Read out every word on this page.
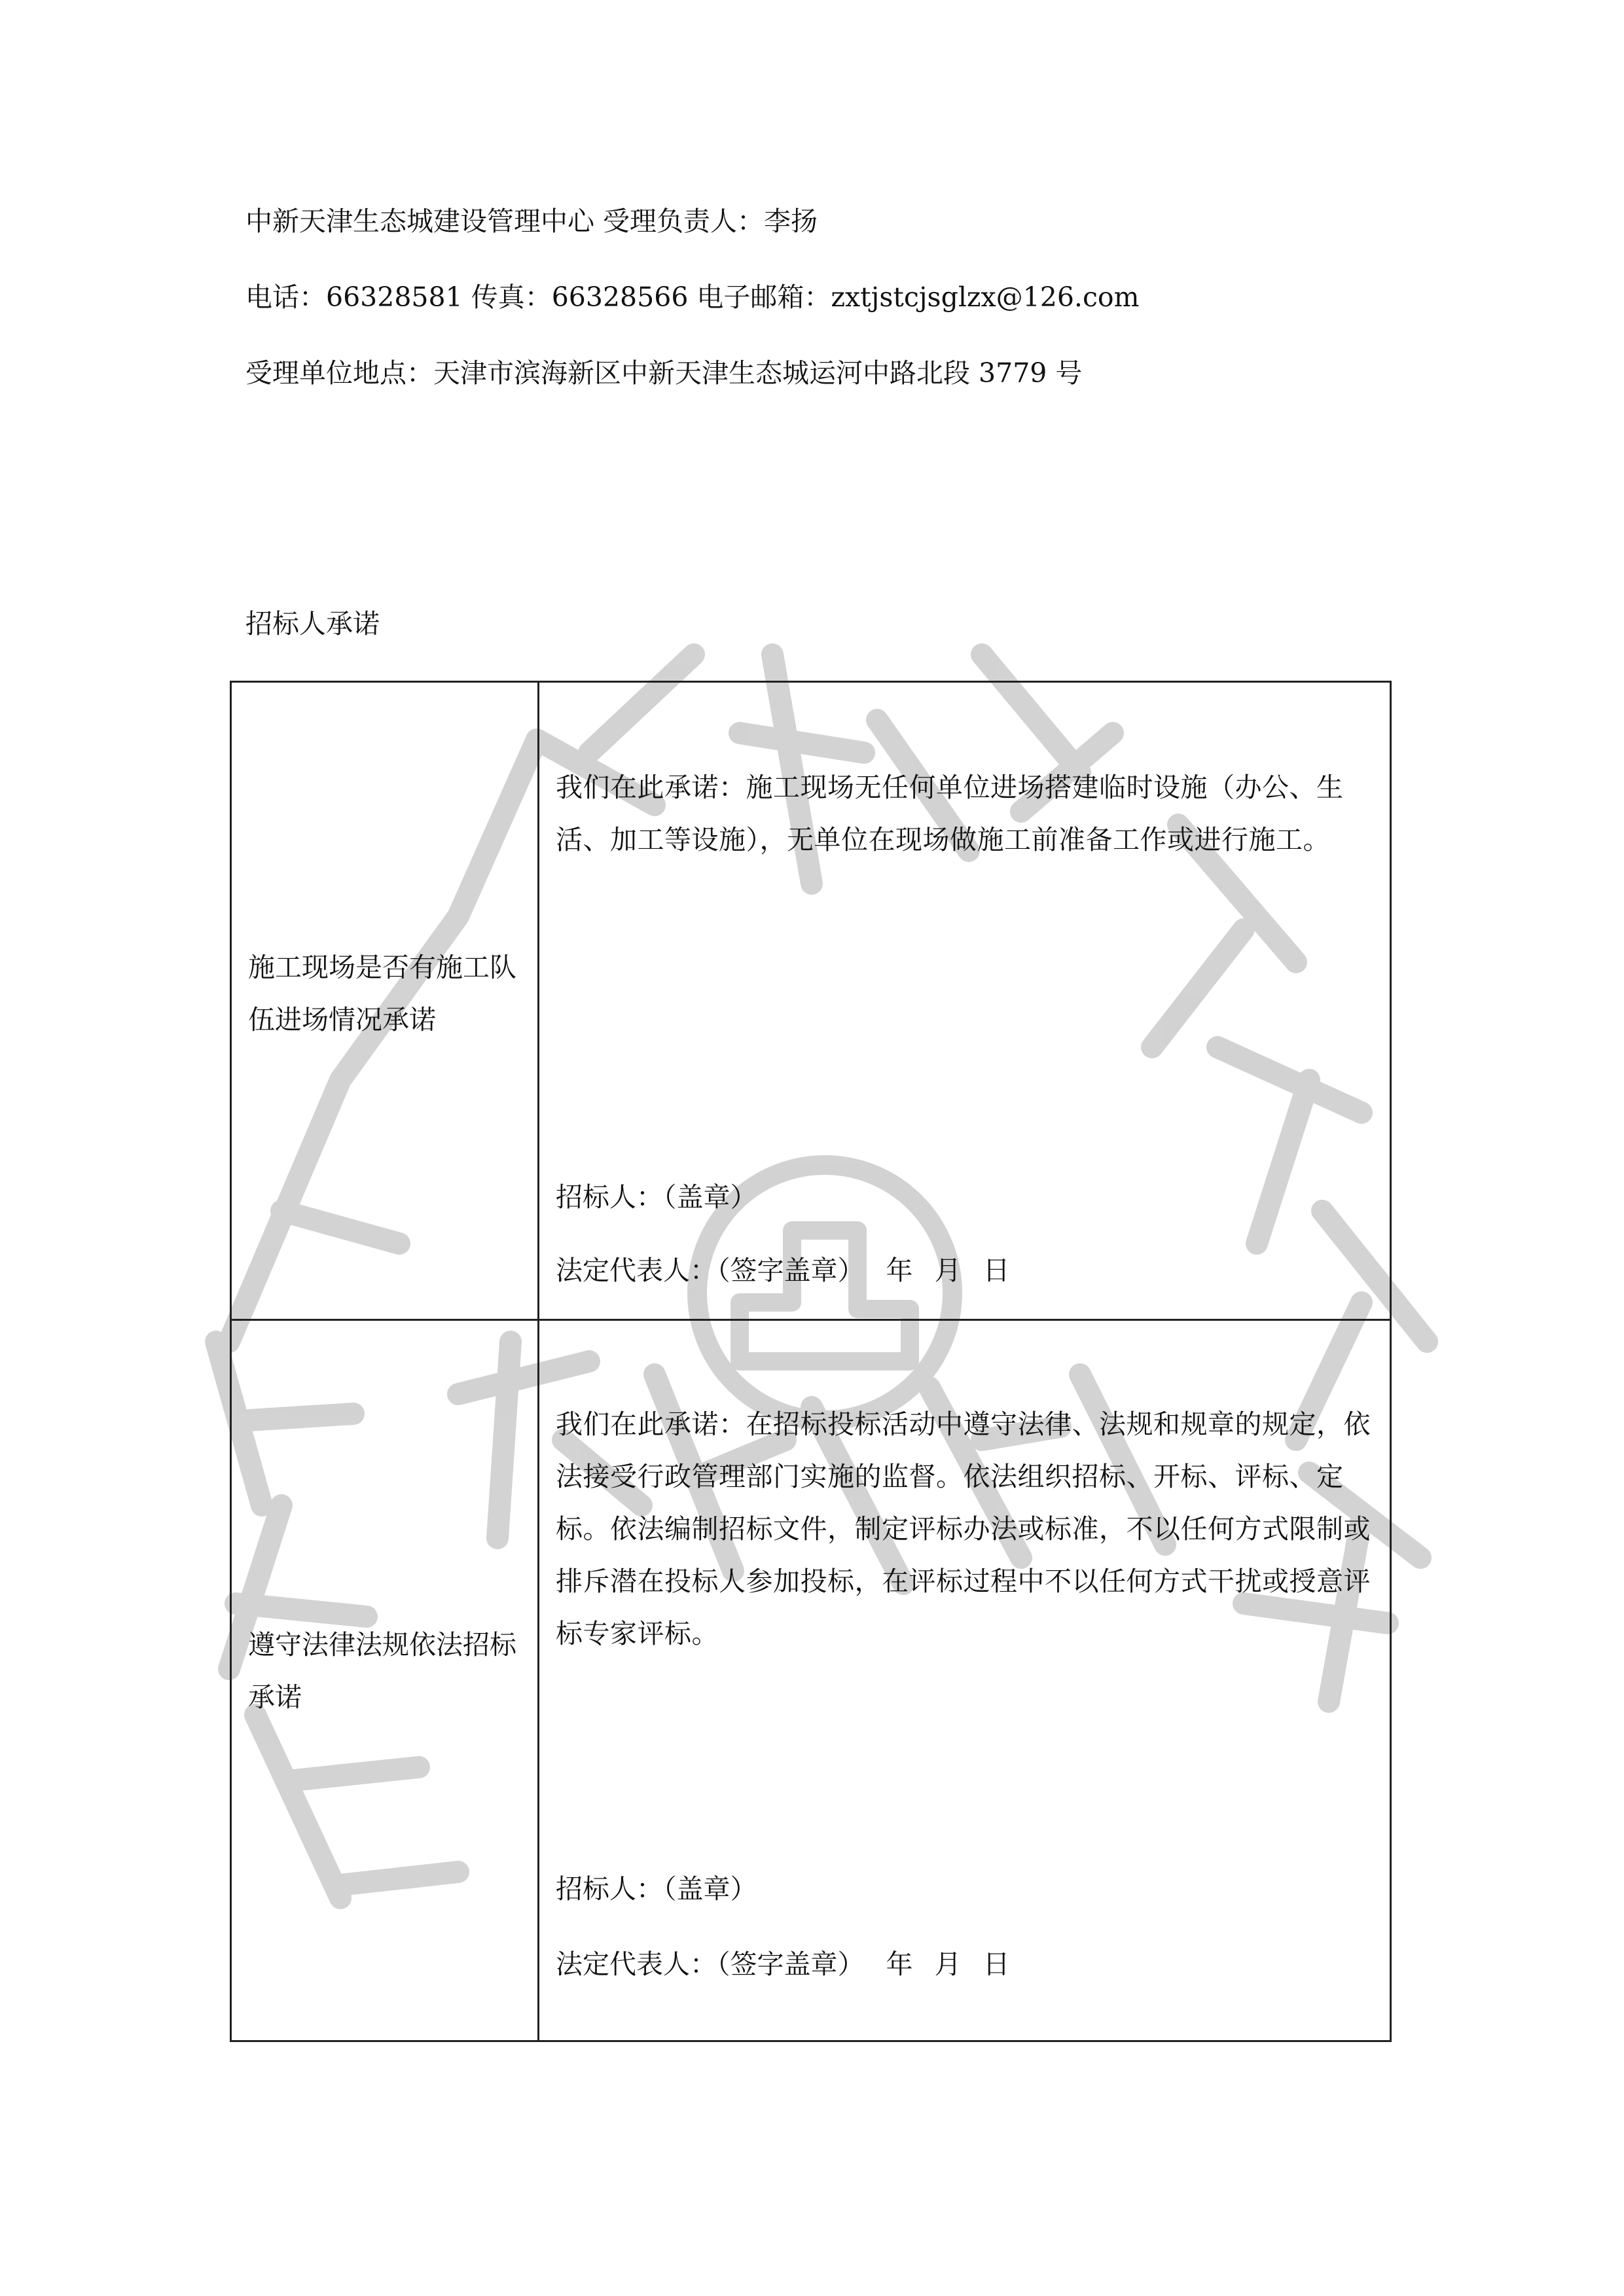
中新天津生态城建设管理中心 受理负责人：李扬
电话：66328581 传真：66328566 电子邮箱：zxtjstcjsglzx@126.com
受理单位地点：天津市滨海新区中新天津生态城运河中路北段 3779 号
招标人承诺
施工现场是否有施工队伍进场情况承诺
我们在此承诺：施工现场无任何单位进场搭建临时设施（办公、生活、加工等设施），无单位在现场做施工前准备工作或进行施工。
招标人：（盖章）
法定代表人：（签字盖章） 年 月 日
遵守法律法规依法招标承诺
我们在此承诺：在招标投标活动中遵守法律、法规和规章的规定，依法接受行政管理部门实施的监督。依法组织招标、开标、评标、定标。依法编制招标文件，制定评标办法或标准，不以任何方式限制或排斥潜在投标人参加投标，在评标过程中不以任何方式干扰或授意评标专家评标。
招标人：（盖章）
法定代表人：（签字盖章） 年 月 日
